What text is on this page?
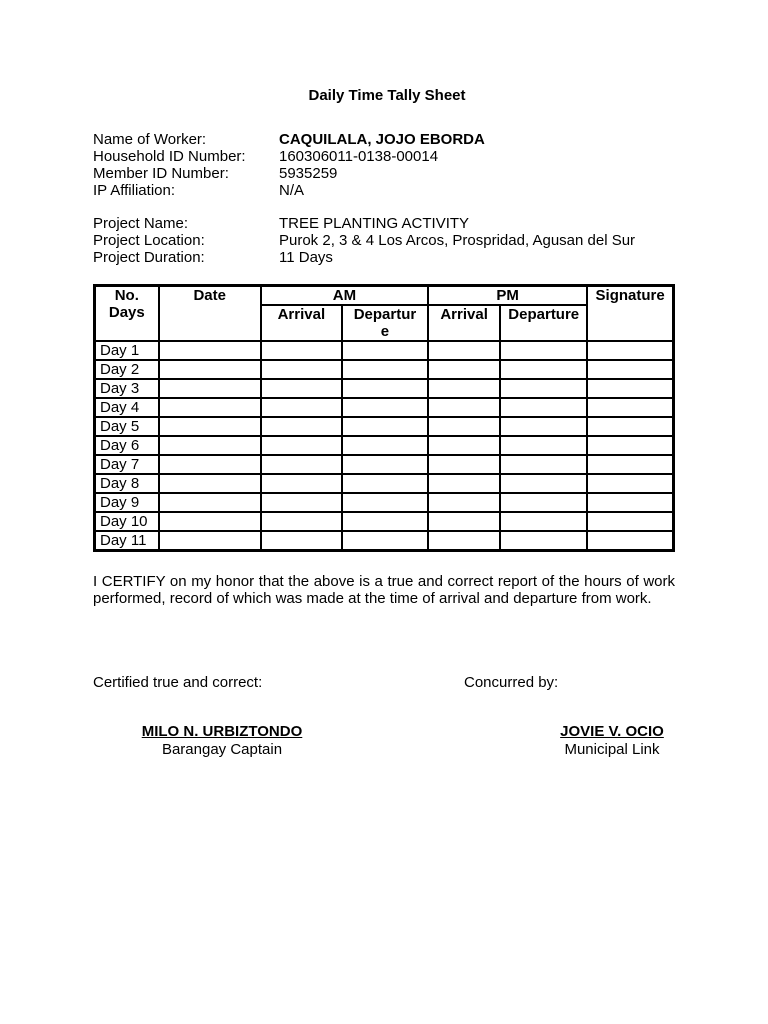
Daily Time Tally Sheet
Name of Worker:	CAQUILALA, JOJO EBORDA
Household ID Number:	160306011-0138-00014
Member ID Number:	5935259
IP Affiliation:	N/A
Project Name:	TREE PLANTING ACTIVITY
Project Location:	Purok 2, 3 & 4 Los Arcos, Prospridad, Agusan del Sur
Project Duration:	11 Days
No. Days	Date	AM		PM		Signature
		Arrival	Departure	Arrival	Departure	
Day 1						
Day 2						
Day 3						
Day 4						
Day 5						
Day 6						
Day 7						
Day 8						
Day 9						
Day 10						
Day 11						
I CERTIFY on my honor that the above is a true and correct report of the hours of work performed, record of which was made at the time of arrival and departure from work.
Certified true and correct:	Concurred by:
MILO N. URBIZTONDO
Barangay Captain
JOVIE V. OCIO
Municipal Link
